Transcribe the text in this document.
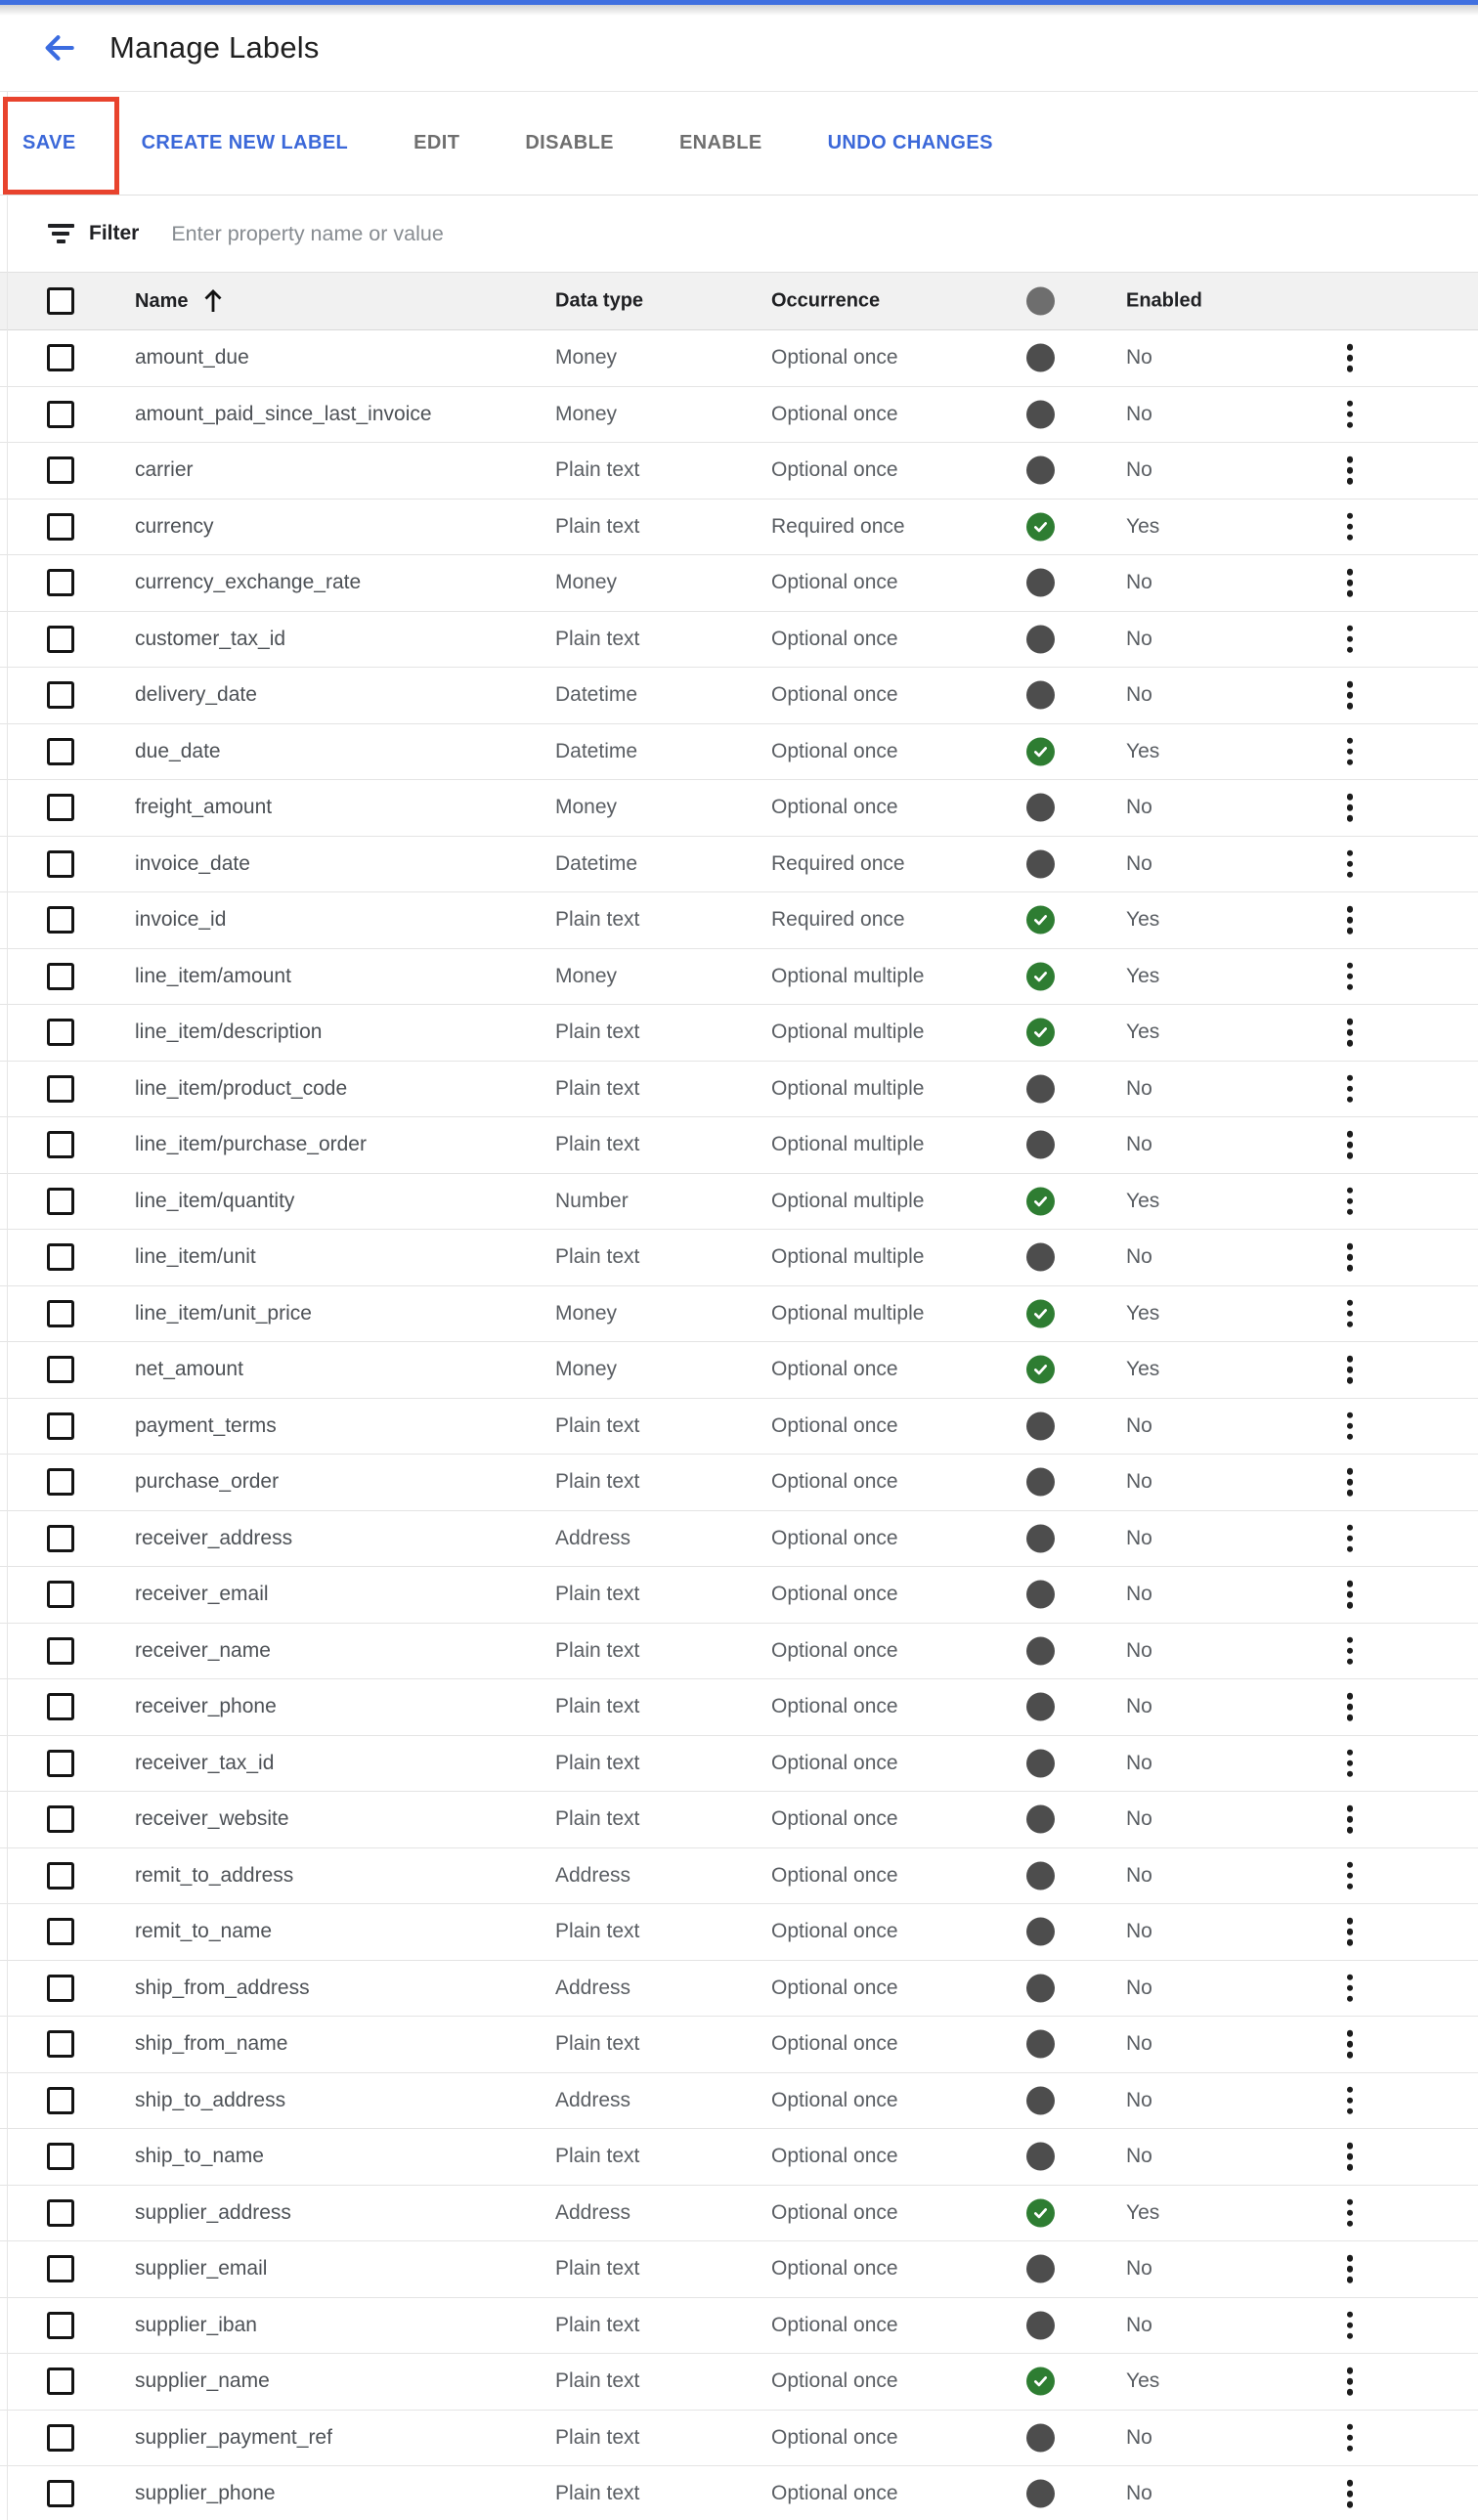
Manage Labels
SAVE	CREATE NEW LABEL	EDIT	DISABLE	ENABLE	UNDO CHANGES
Filter
Enter property name or value
Name	Data type	Occurrence	Enabled
amount_due	Money	Optional once	No
amount_paid_since_last_invoice	Money	Optional once	No
carrier	Plain text	Optional once	No
currency	Plain text	Required once	Yes
currency_exchange_rate	Money	Optional once	No
customer_tax_id	Plain text	Optional once	No
delivery_date	Datetime	Optional once	No
due_date	Datetime	Optional once	Yes
freight_amount	Money	Optional once	No
invoice_date	Datetime	Required once	No
invoice_id	Plain text	Required once	Yes
line_item/amount	Money	Optional multiple	Yes
line_item/description	Plain text	Optional multiple	Yes
line_item/product_code	Plain text	Optional multiple	No
line_item/purchase_order	Plain text	Optional multiple	No
line_item/quantity	Number	Optional multiple	Yes
line_item/unit	Plain text	Optional multiple	No
line_item/unit_price	Money	Optional multiple	Yes
net_amount	Money	Optional once	Yes
payment_terms	Plain text	Optional once	No
purchase_order	Plain text	Optional once	No
receiver_address	Address	Optional once	No
receiver_email	Plain text	Optional once	No
receiver_name	Plain text	Optional once	No
receiver_phone	Plain text	Optional once	No
receiver_tax_id	Plain text	Optional once	No
receiver_website	Plain text	Optional once	No
remit_to_address	Address	Optional once	No
remit_to_name	Plain text	Optional once	No
ship_from_address	Address	Optional once	No
ship_from_name	Plain text	Optional once	No
ship_to_address	Address	Optional once	No
ship_to_name	Plain text	Optional once	No
supplier_address	Address	Optional once	Yes
supplier_email	Plain text	Optional once	No
supplier_iban	Plain text	Optional once	No
supplier_name	Plain text	Optional once	Yes
supplier_payment_ref	Plain text	Optional once	No
supplier_phone	Plain text	Optional once	No
